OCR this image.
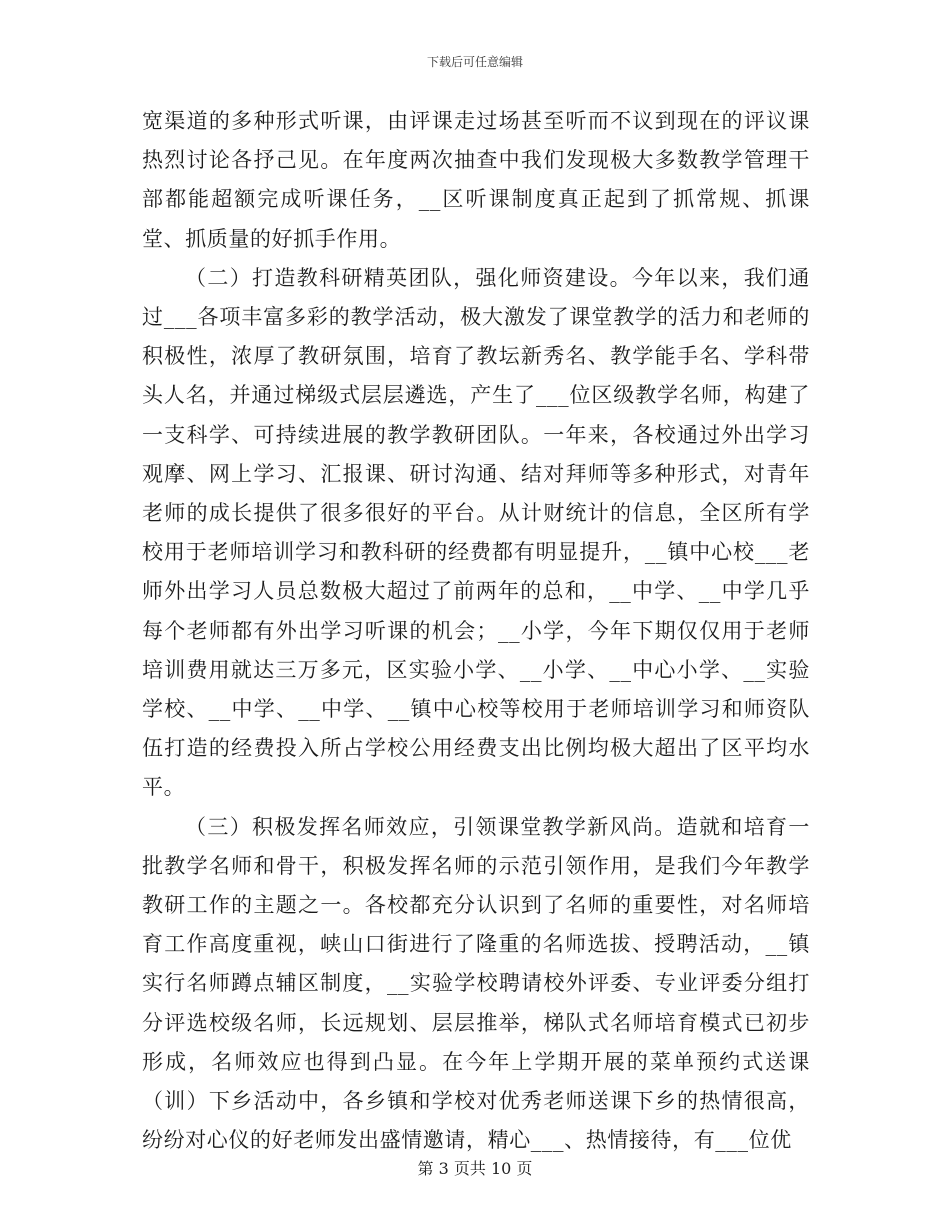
下载后可任意编辑

宽渠道的多种形式听课，由评课走过场甚至听而不议到现在的评议课热烈讨论各抒己见。在年度两次抽查中我们发现极大多数教学管理干部都能超额完成听课任务，__区听课制度真正起到了抓常规、抓课堂、抓质量的好抓手作用。

（二）打造教科研精英团队，强化师资建设。今年以来，我们通过___各项丰富多彩的教学活动，极大激发了课堂教学的活力和老师的积极性，浓厚了教研氛围，培育了教坛新秀名、教学能手名、学科带头人名，并通过梯级式层层遴选，产生了___位区级教学名师，构建了一支科学、可持续进展的教学教研团队。一年来，各校通过外出学习观摩、网上学习、汇报课、研讨沟通、结对拜师等多种形式，对青年老师的成长提供了很多很好的平台。从计财统计的信息，全区所有学校用于老师培训学习和教科研的经费都有明显提升，__镇中心校___老师外出学习人员总数极大超过了前两年的总和，__中学、__中学几乎每个老师都有外出学习听课的机会；__小学，今年下期仅仅用于老师培训费用就达三万多元，区实验小学、__小学、__中心小学、__实验学校、__中学、__中学、__镇中心校等校用于老师培训学习和师资队伍打造的经费投入所占学校公用经费支出比例均极大超出了区平均水平。

（三）积极发挥名师效应，引领课堂教学新风尚。造就和培育一批教学名师和骨干，积极发挥名师的示范引领作用，是我们今年教学教研工作的主题之一。各校都充分认识到了名师的重要性，对名师培育工作高度重视，峡山口街进行了隆重的名师选拔、授聘活动，__镇实行名师蹲点辅区制度，__实验学校聘请校外评委、专业评委分组打分评选校级名师，长远规划、层层推举，梯队式名师培育模式已初步形成，名师效应也得到凸显。在今年上学期开展的菜单预约式送课（训）下乡活动中，各乡镇和学校对优秀老师送课下乡的热情很高，纷纷对心仪的好老师发出盛情邀请，精心___、热情接待，有___位优

第 3 页共 10 页
